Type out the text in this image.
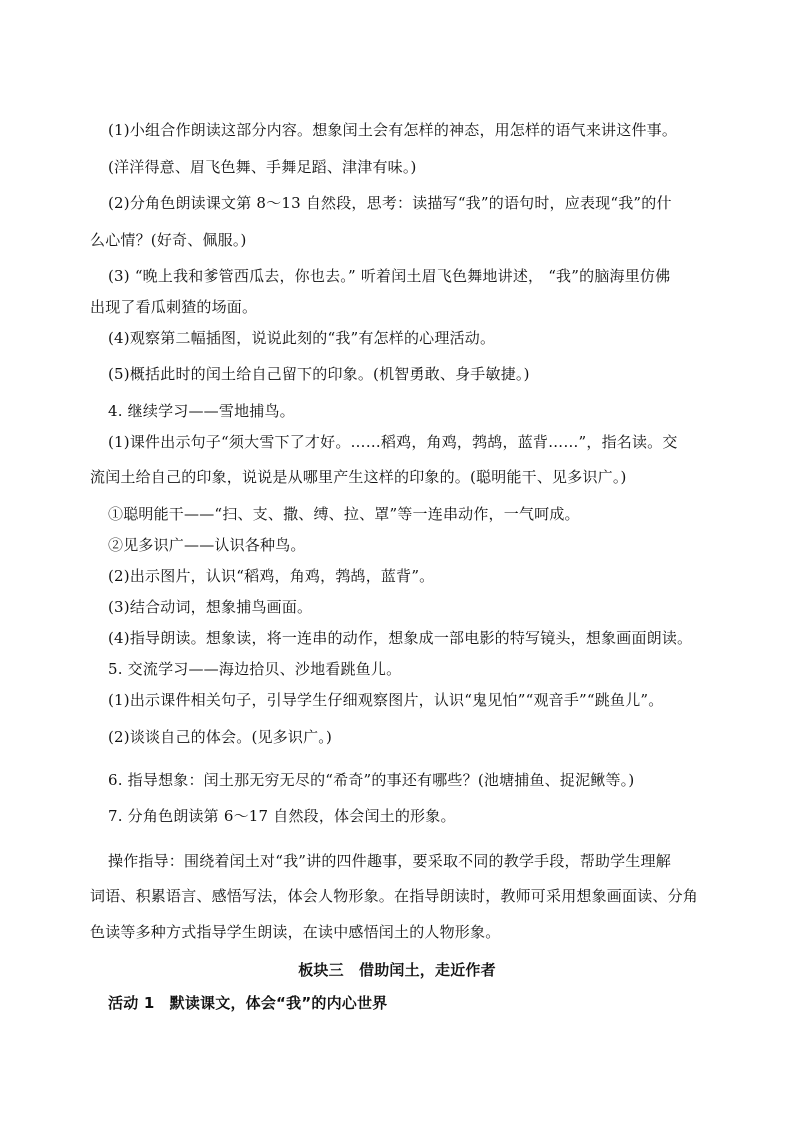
(1)小组合作朗读这部分内容。想象闰土会有怎样的神态，用怎样的语气来讲这件事。
(洋洋得意、眉飞色舞、手舞足蹈、津津有味。)
(2)分角色朗读课文第 8～13 自然段，思考：读描写“我”的语句时，应表现“我”的什
么心情？(好奇、佩服。)
(3) “晚上我和爹管西瓜去，你也去。” 听着闰土眉飞色舞地讲述， “我”的脑海里仿佛
出现了看瓜刺猹的场面。
(4)观察第二幅插图，说说此刻的“我”有怎样的心理活动。
(5)概括此时的闰土给自己留下的印象。(机智勇敢、身手敏捷。)
4. 继续学习——雪地捕鸟。
(1)课件出示句子“须大雪下了才好。……稻鸡，角鸡，鹁鸪，蓝背……”，指名读。交
流闰土给自己的印象，说说是从哪里产生这样的印象的。(聪明能干、见多识广。)
①聪明能干——“扫、支、撒、缚、拉、罩”等一连串动作，一气呵成。
②见多识广——认识各种鸟。
(2)出示图片，认识“稻鸡，角鸡，鹁鸪，蓝背”。
(3)结合动词，想象捕鸟画面。
(4)指导朗读。想象读，将一连串的动作，想象成一部电影的特写镜头，想象画面朗读。
5. 交流学习——海边拾贝、沙地看跳鱼儿。
(1)出示课件相关句子，引导学生仔细观察图片，认识“鬼见怕”“观音手”“跳鱼儿”。
(2)谈谈自己的体会。(见多识广。)
6. 指导想象：闰土那无穷无尽的“希奇”的事还有哪些？(池塘捕鱼、捉泥鳅等。)
7. 分角色朗读第 6～17 自然段，体会闰土的形象。
操作指导：围绕着闰土对“我”讲的四件趣事，要采取不同的教学手段，帮助学生理解
词语、积累语言、感悟写法，体会人物形象。在指导朗读时，教师可采用想象画面读、分角
色读等多种方式指导学生朗读，在读中感悟闰土的人物形象。
板块三　借助闰土，走近作者
活动 1　默读课文，体会“我”的内心世界
